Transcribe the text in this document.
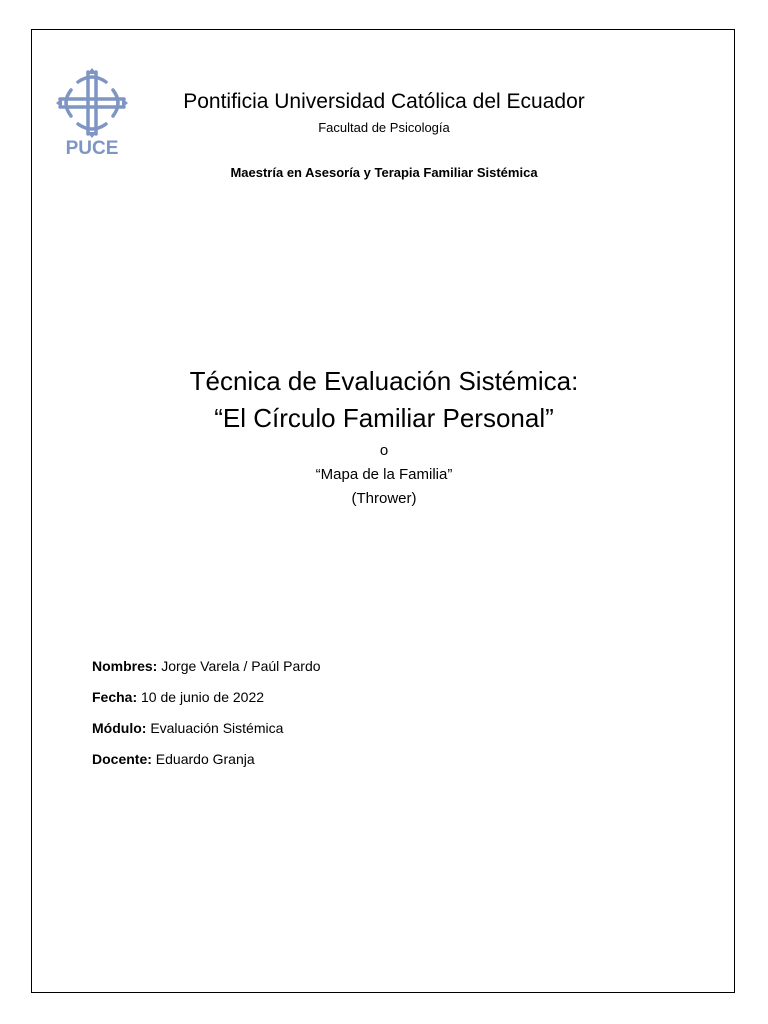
PUCE
Pontificia Universidad Católica del Ecuador
Facultad de Psicología
Maestría en Asesoría y Terapia Familiar Sistémica
Técnica de Evaluación Sistémica:
“El Círculo Familiar Personal”
o
“Mapa de la Familia”
(Thrower)
Nombres: Jorge Varela / Paúl Pardo
Fecha: 10 de junio de 2022
Módulo: Evaluación Sistémica
Docente: Eduardo Granja
